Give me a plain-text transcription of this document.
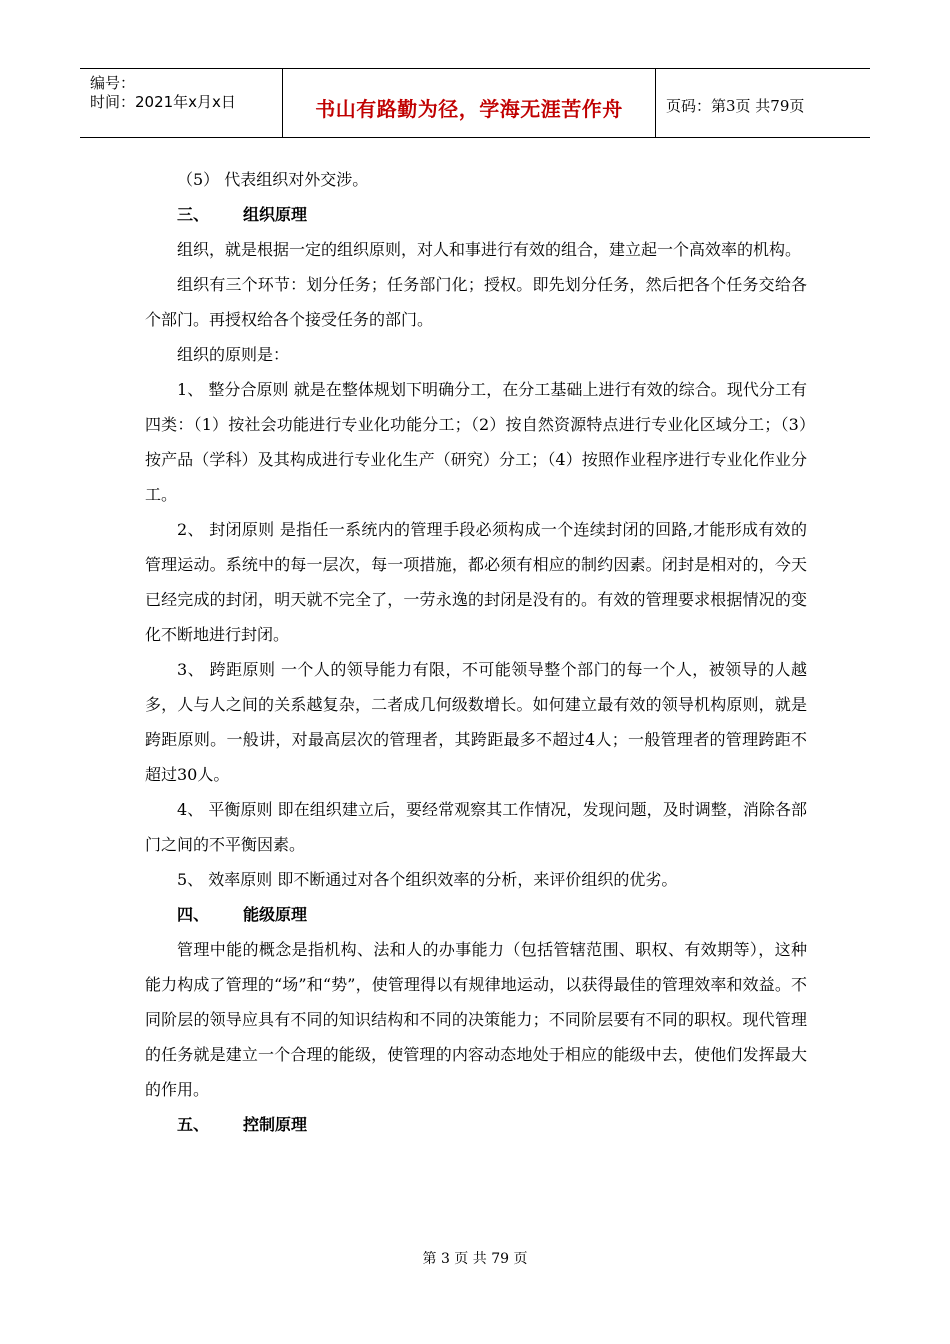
编号：
时间：2021年x月x日	书山有路勤为径，学海无涯苦作舟	页码：第3页 共79页

（5） 代表组织对外交涉。

三、 组织原理

组织，就是根据一定的组织原则，对人和事进行有效的组合，建立起一个高效率的机构。

组织有三个环节：划分任务；任务部门化；授权。即先划分任务，然后把各个任务交给各个部门。再授权给各个接受任务的部门。

组织的原则是：

1、 整分合原则 就是在整体规划下明确分工，在分工基础上进行有效的综合。现代分工有四类：（1）按社会功能进行专业化功能分工；（2）按自然资源特点进行专业化区域分工；（3）按产品（学科）及其构成进行专业化生产（研究）分工；（4）按照作业程序进行专业化作业分工。

2、 封闭原则 是指任一系统内的管理手段必须构成一个连续封闭的回路,才能形成有效的管理运动。系统中的每一层次，每一项措施，都必须有相应的制约因素。闭封是相对的，今天已经完成的封闭，明天就不完全了，一劳永逸的封闭是没有的。有效的管理要求根据情况的变化不断地进行封闭。

3、 跨距原则 一个人的领导能力有限，不可能领导整个部门的每一个人，被领导的人越多，人与人之间的关系越复杂，二者成几何级数增长。如何建立最有效的领导机构原则，就是跨距原则。一般讲，对最高层次的管理者，其跨距最多不超过4人；一般管理者的管理跨距不超过30人。

4、 平衡原则 即在组织建立后，要经常观察其工作情况，发现问题，及时调整，消除各部门之间的不平衡因素。

5、 效率原则 即不断通过对各个组织效率的分析，来评价组织的优劣。

四、 能级原理

管理中能的概念是指机构、法和人的办事能力（包括管辖范围、职权、有效期等），这种能力构成了管理的“场”和“势”，使管理得以有规律地运动，以获得最佳的管理效率和效益。不同阶层的领导应具有不同的知识结构和不同的决策能力；不同阶层要有不同的职权。现代管理的任务就是建立一个合理的能级，使管理的内容动态地处于相应的能级中去，使他们发挥最大的作用。

五、 控制原理

第 3 页 共 79 页
